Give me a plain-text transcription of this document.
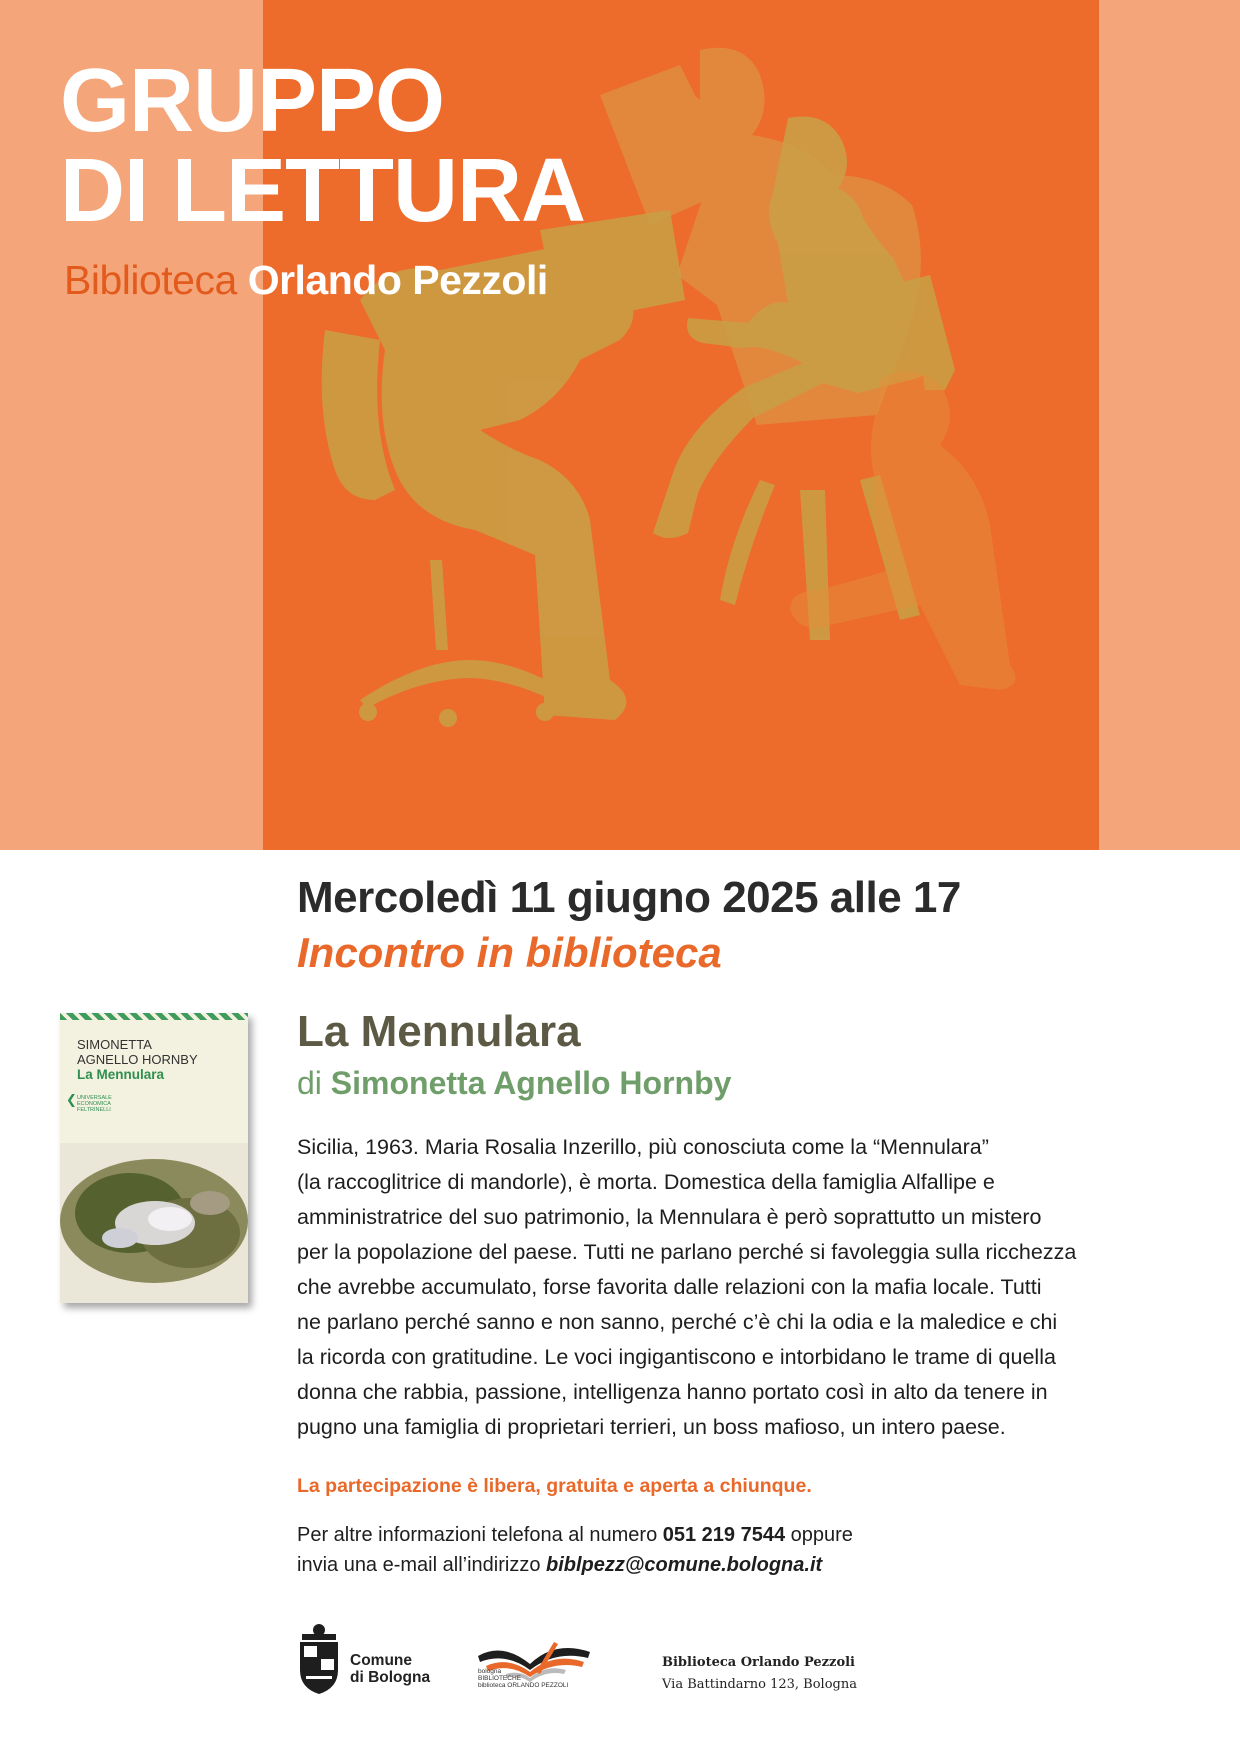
GRUPPO
DI LETTURA
Biblioteca Orlando Pezzoli
Mercoledì 11 giugno 2025 alle 17
Incontro in biblioteca
SIMONETTA
AGNELLO HORNBY
La Mennulara
❮ UNIVERSALE
ECONOMICA
FELTRINELLI
La Mennulara
di Simonetta Agnello Hornby
Sicilia, 1963. Maria Rosalia Inzerillo, più conosciuta come la “Mennulara”
(la raccoglitrice di mandorle), è morta. Domestica della famiglia Alfallipe e
amministratrice del suo patrimonio, la Mennulara è però soprattutto un mistero
per la popolazione del paese. Tutti ne parlano perché si favoleggia sulla ricchezza
che avrebbe accumulato, forse favorita dalle relazioni con la mafia locale. Tutti
ne parlano perché sanno e non sanno, perché c’è chi la odia e la maledice e chi
la ricorda con gratitudine. Le voci ingigantiscono e intorbidano le trame di quella
donna che rabbia, passione, intelligenza hanno portato così in alto da tenere in
pugno una famiglia di proprietari terrieri, un boss mafioso, un intero paese.
La partecipazione è libera, gratuita e aperta a chiunque.
Per altre informazioni telefona al numero 051 219 7544 oppure
invia una e-mail all’indirizzo biblpezz@comune.bologna.it
Comune
di Bologna	bologna
BIBLIOTECHE
biblioteca ORLANDO PEZZOLI
Biblioteca Orlando Pezzoli
Via Battindarno 123, Bologna
